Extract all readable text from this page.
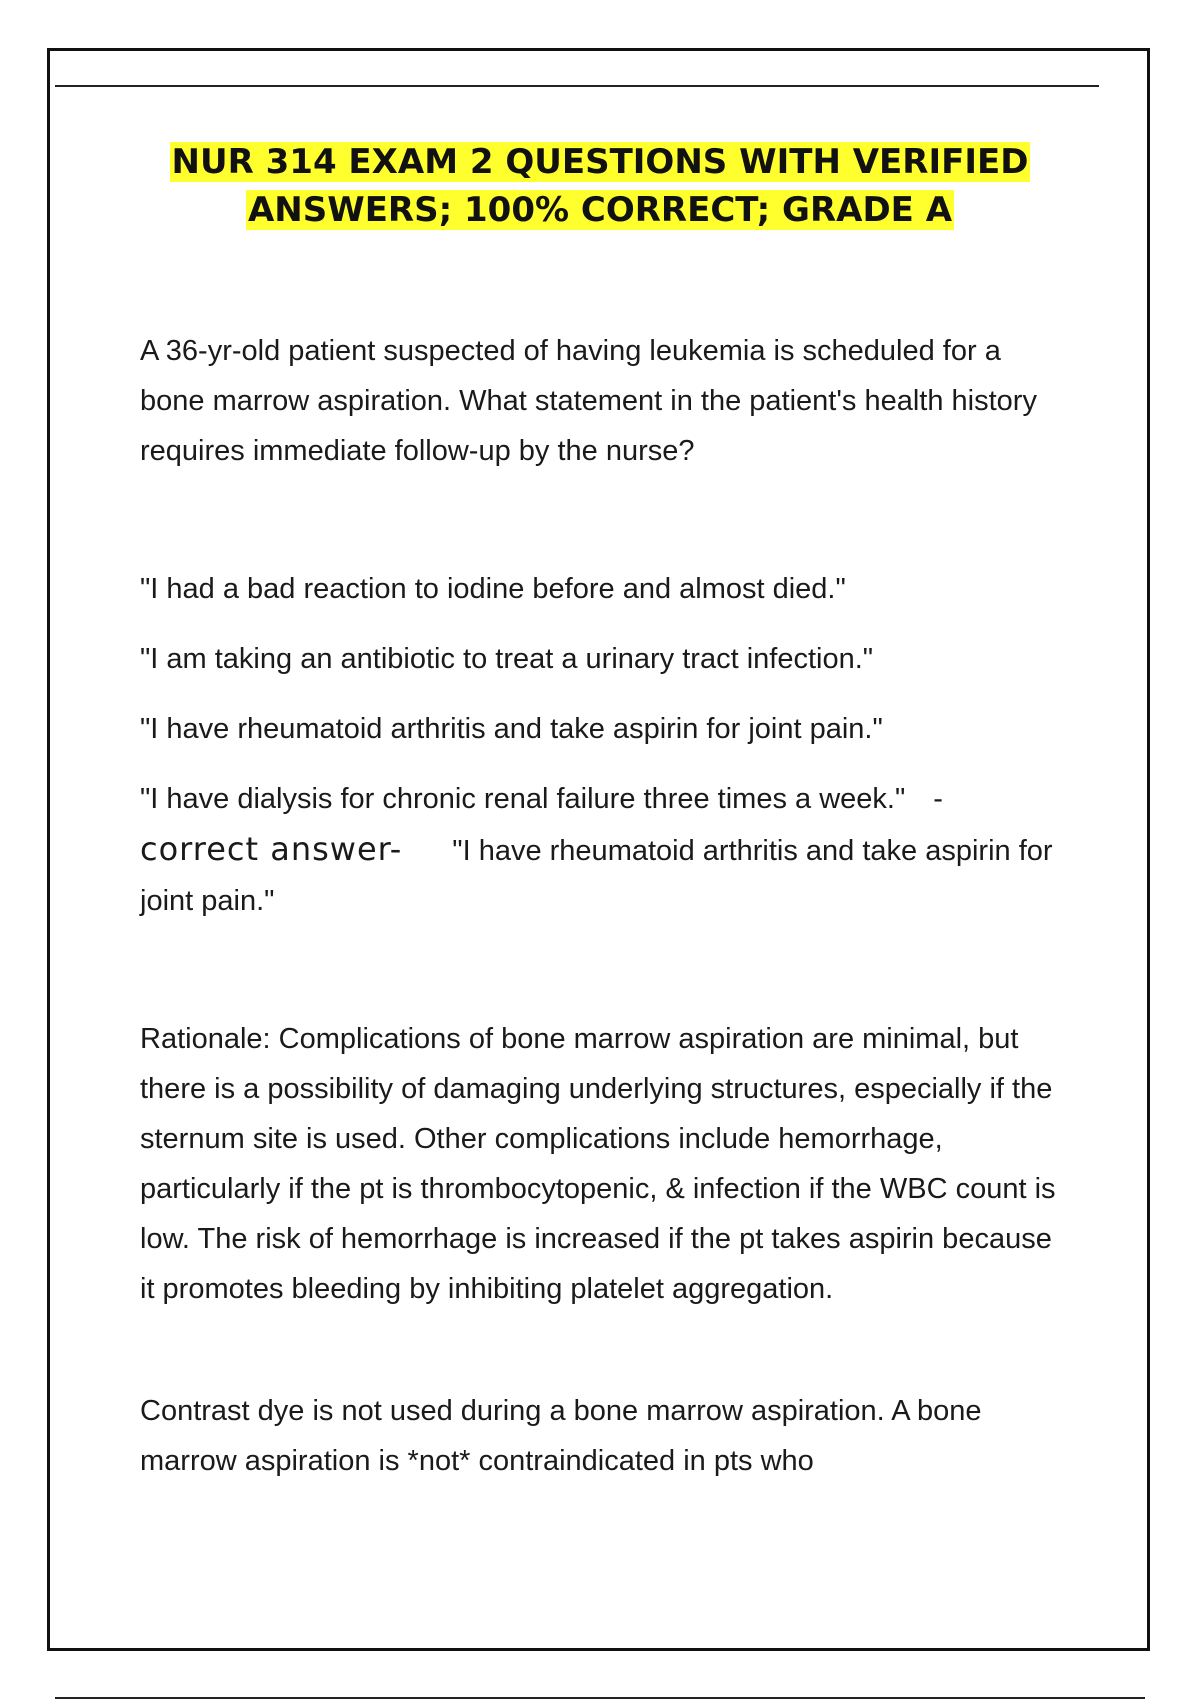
NUR 314 EXAM 2 QUESTIONS WITH VERIFIED
ANSWERS; 100% CORRECT; GRADE A

A 36-yr-old patient suspected of having leukemia is scheduled for a bone marrow aspiration. What statement in the patient's health history requires immediate follow-up by the nurse?

"I had a bad reaction to iodine before and almost died."

"I am taking an antibiotic to treat a urinary tract infection."

"I have rheumatoid arthritis and take aspirin for joint pain."

"I have dialysis for chronic renal failure three times a week." - correct answer- "I have rheumatoid arthritis and take aspirin for joint pain."

Rationale: Complications of bone marrow aspiration are minimal, but there is a possibility of damaging underlying structures, especially if the sternum site is used. Other complications include hemorrhage, particularly if the pt is thrombocytopenic, & infection if the WBC count is low. The risk of hemorrhage is increased if the pt takes aspirin because it promotes bleeding by inhibiting platelet aggregation.

Contrast dye is not used during a bone marrow aspiration. A bone marrow aspiration is *not* contraindicated in pts who
